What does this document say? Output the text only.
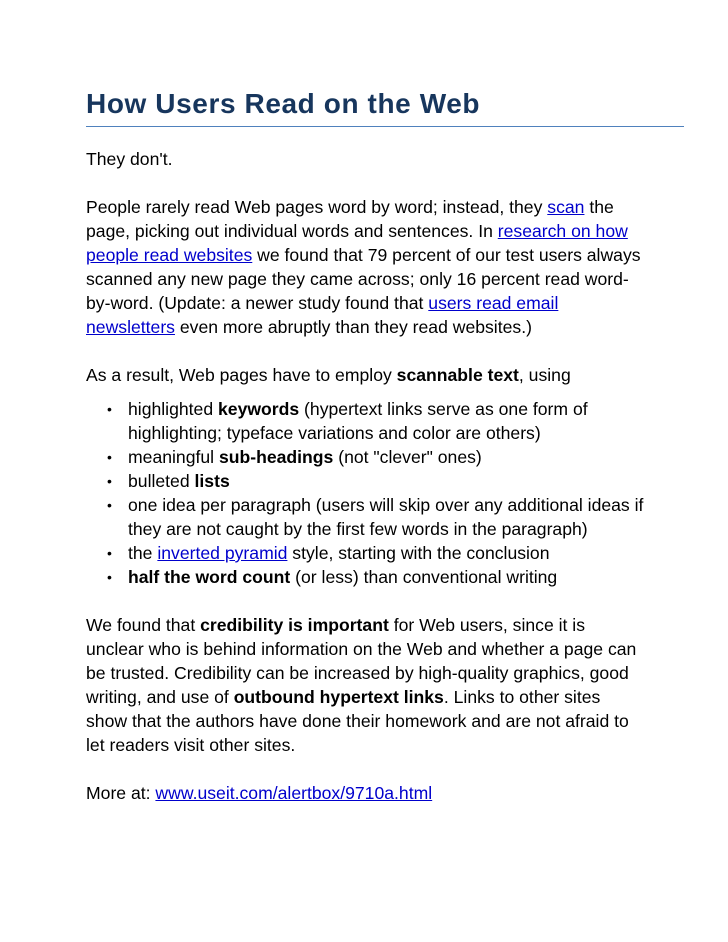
How Users Read on the Web

They don't.

People rarely read Web pages word by word; instead, they scan the page, picking out individual words and sentences. In research on how people read websites we found that 79 percent of our test users always scanned any new page they came across; only 16 percent read word-by-word. (Update: a newer study found that users read email newsletters even more abruptly than they read websites.)

As a result, Web pages have to employ scannable text, using

• highlighted keywords (hypertext links serve as one form of highlighting; typeface variations and color are others)
• meaningful sub-headings (not "clever" ones)
• bulleted lists
• one idea per paragraph (users will skip over any additional ideas if they are not caught by the first few words in the paragraph)
• the inverted pyramid style, starting with the conclusion
• half the word count (or less) than conventional writing

We found that credibility is important for Web users, since it is unclear who is behind information on the Web and whether a page can be trusted. Credibility can be increased by high-quality graphics, good writing, and use of outbound hypertext links. Links to other sites show that the authors have done their homework and are not afraid to let readers visit other sites.

More at: www.useit.com/alertbox/9710a.html
